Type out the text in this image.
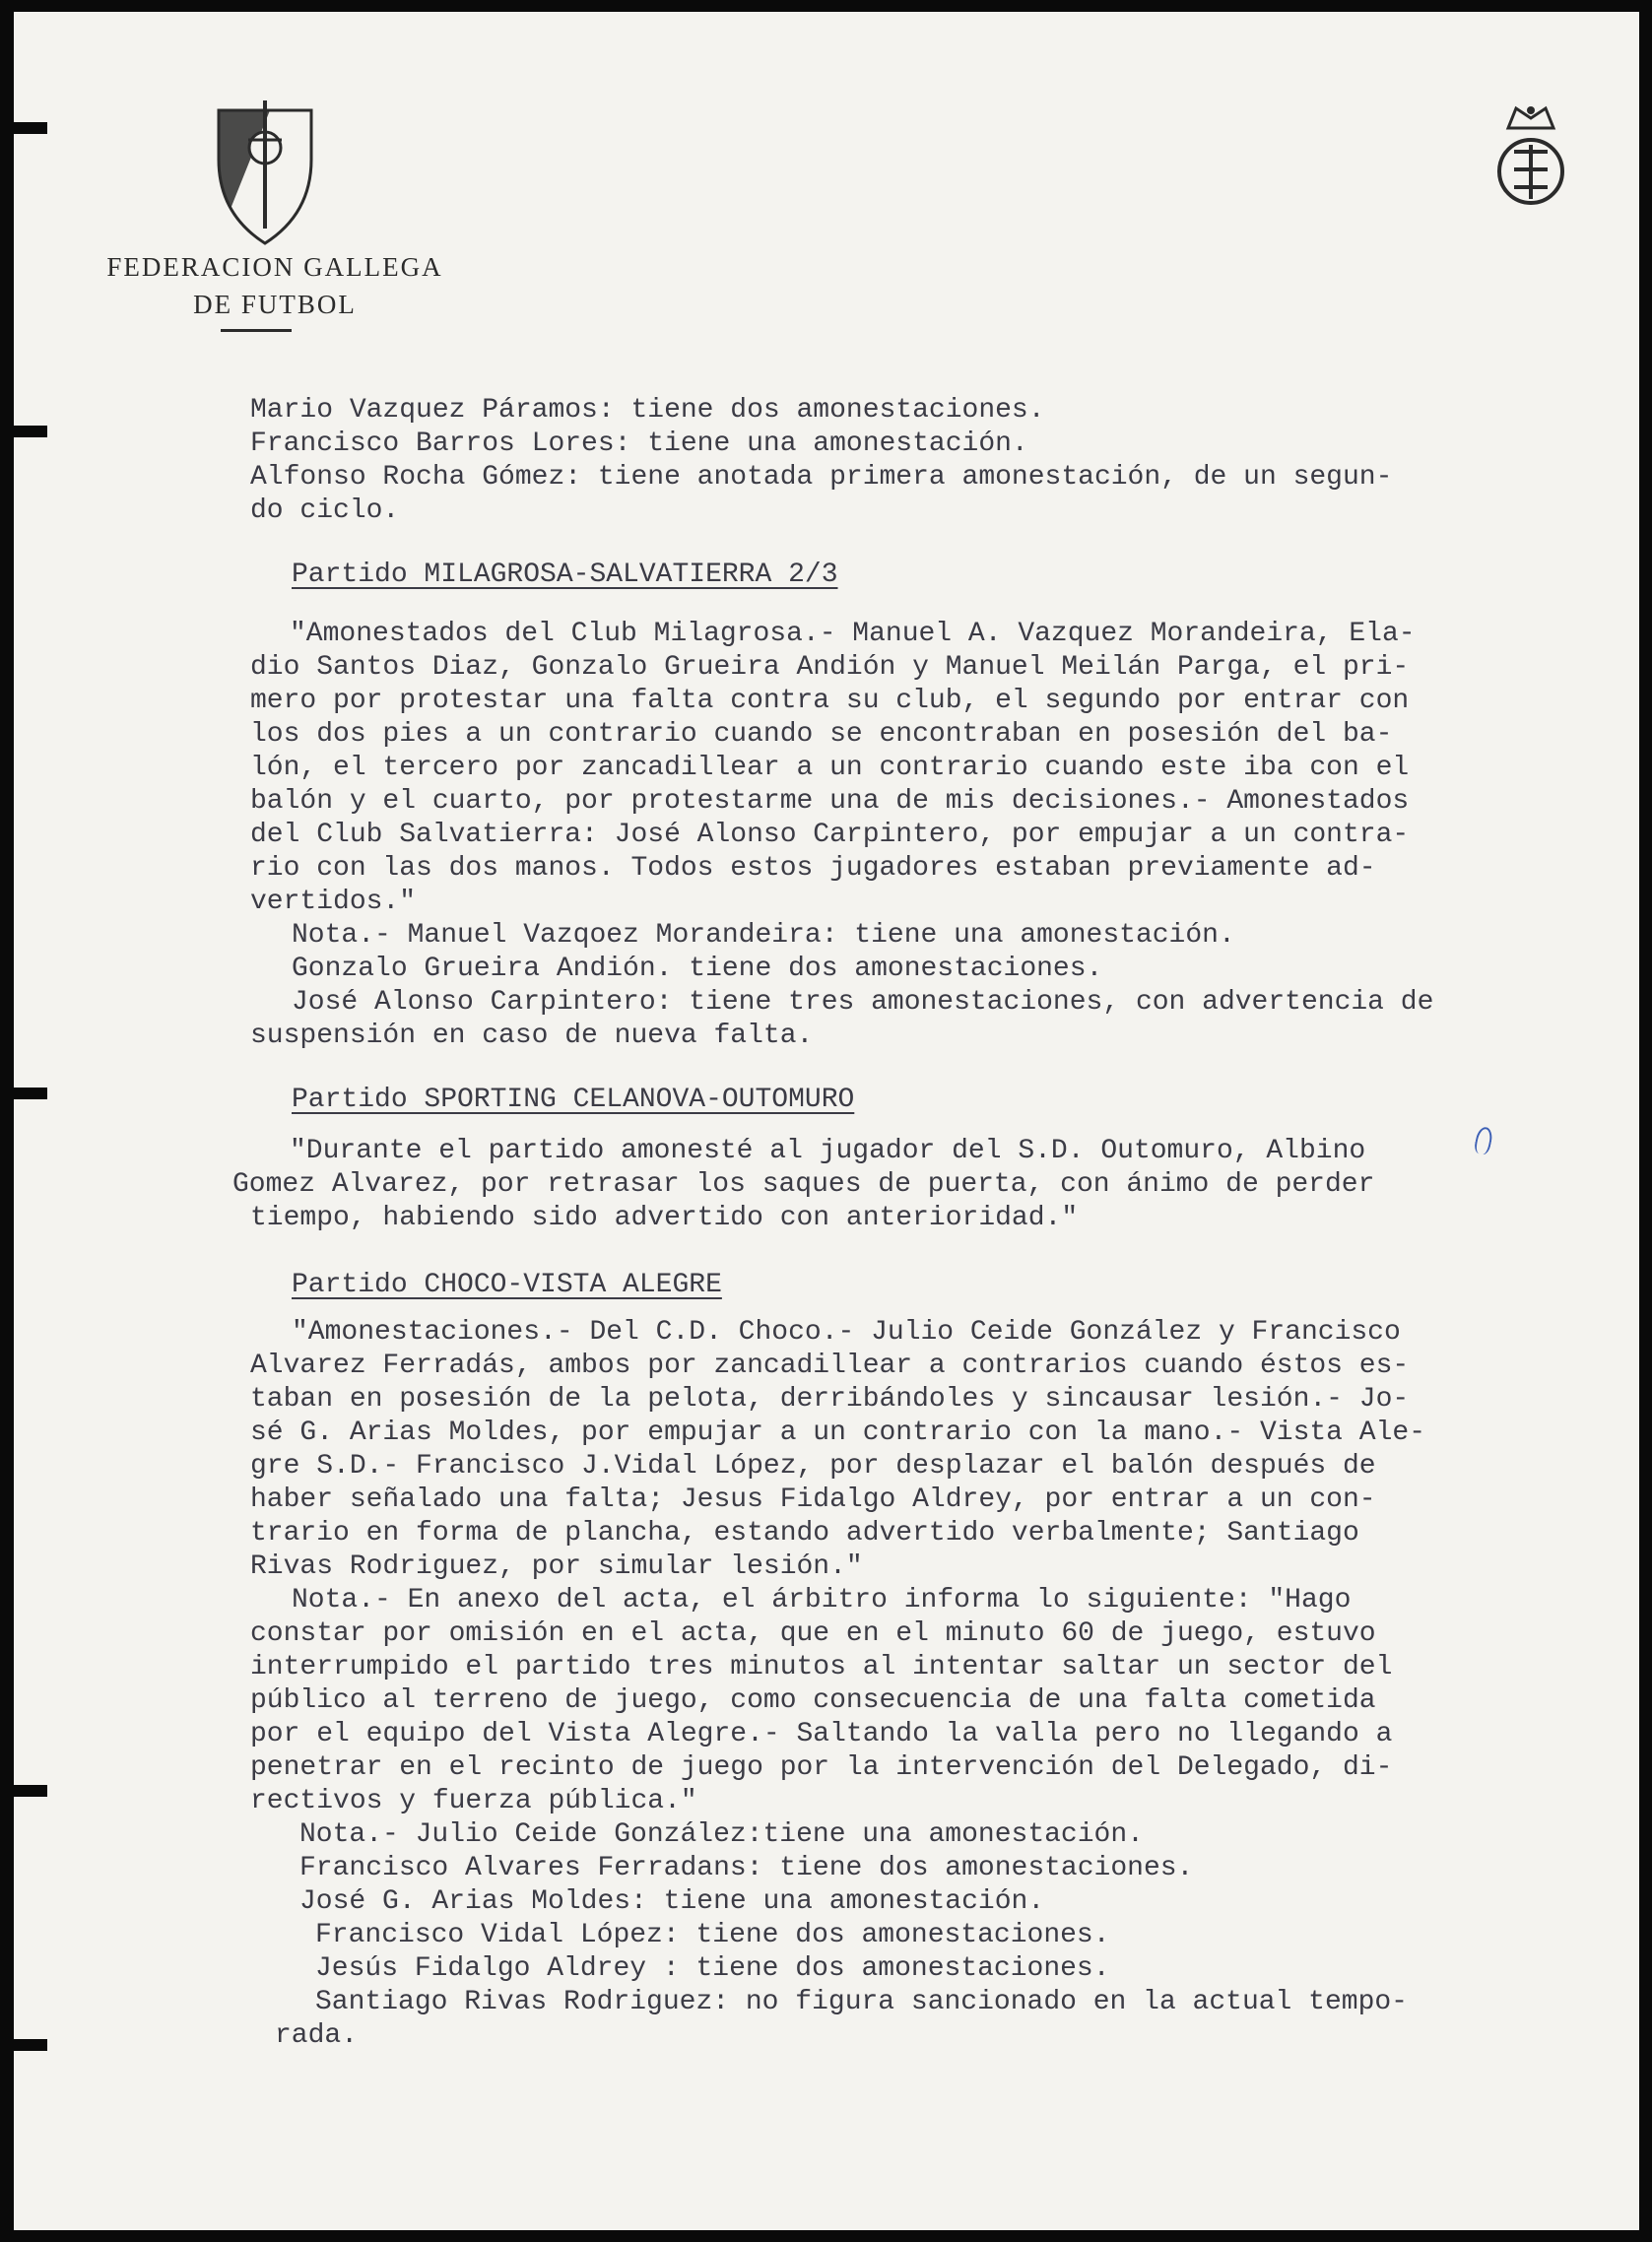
FEDERACION GALLEGA
DE FUTBOL
Mario Vazquez Páramos: tiene dos amonestaciones.
Francisco Barros Lores: tiene una amonestación.
Alfonso Rocha Gómez: tiene anotada primera amonestación, de un segun-
do ciclo.
Partido MILAGROSA-SALVATIERRA 2/3
"Amonestados del Club Milagrosa.- Manuel A. Vazquez Morandeira, Ela-
dio Santos Diaz, Gonzalo Grueira Andión y Manuel Meilán Parga, el pri-
mero por protestar una falta contra su club, el segundo por entrar con
los dos pies a un contrario cuando se encontraban en posesión del ba-
lón, el tercero por zancadillear a un contrario cuando este iba con el
balón y el cuarto, por protestarme una de mis decisiones.- Amonestados
del Club Salvatierra: José Alonso Carpintero, por empujar a un contra-
rio con las dos manos. Todos estos jugadores estaban previamente ad-
vertidos."
Nota.- Manuel Vazqoez Morandeira: tiene una amonestación.
Gonzalo Grueira Andión. tiene dos amonestaciones.
José Alonso Carpintero: tiene tres amonestaciones, con advertencia de
suspensión en caso de nueva falta.
Partido SPORTING CELANOVA-OUTOMURO
"Durante el partido amonesté al jugador del S.D. Outomuro, Albino
Gomez Alvarez, por retrasar los saques de puerta, con ánimo de perder
tiempo, habiendo sido advertido con anterioridad."
Partido CHOCO-VISTA ALEGRE
"Amonestaciones.- Del C.D. Choco.- Julio Ceide González y Francisco
Alvarez Ferradás, ambos por zancadillear a contrarios cuando éstos es-
taban en posesión de la pelota, derribándoles y sincausar lesión.- Jo-
sé G. Arias Moldes, por empujar a un contrario con la mano.- Vista Ale-
gre S.D.- Francisco J.Vidal López, por desplazar el balón después de
haber señalado una falta; Jesus Fidalgo Aldrey, por entrar a un con-
trario en forma de plancha, estando advertido verbalmente; Santiago
Rivas Rodriguez, por simular lesión."
Nota.- En anexo del acta, el árbitro informa lo siguiente: "Hago
constar por omisión en el acta, que en el minuto 60 de juego, estuvo
interrumpido el partido tres minutos al intentar saltar un sector del
público al terreno de juego, como consecuencia de una falta cometida
por el equipo del Vista Alegre.- Saltando la valla pero no llegando a
penetrar en el recinto de juego por la intervención del Delegado, di-
rectivos y fuerza pública."
Nota.- Julio Ceide González:tiene una amonestación.
Francisco Alvares Ferradans: tiene dos amonestaciones.
José G. Arias Moldes: tiene una amonestación.
Francisco Vidal López: tiene dos amonestaciones.
Jesús Fidalgo Aldrey : tiene dos amonestaciones.
Santiago Rivas Rodriguez: no figura sancionado en la actual tempo-
rada.
